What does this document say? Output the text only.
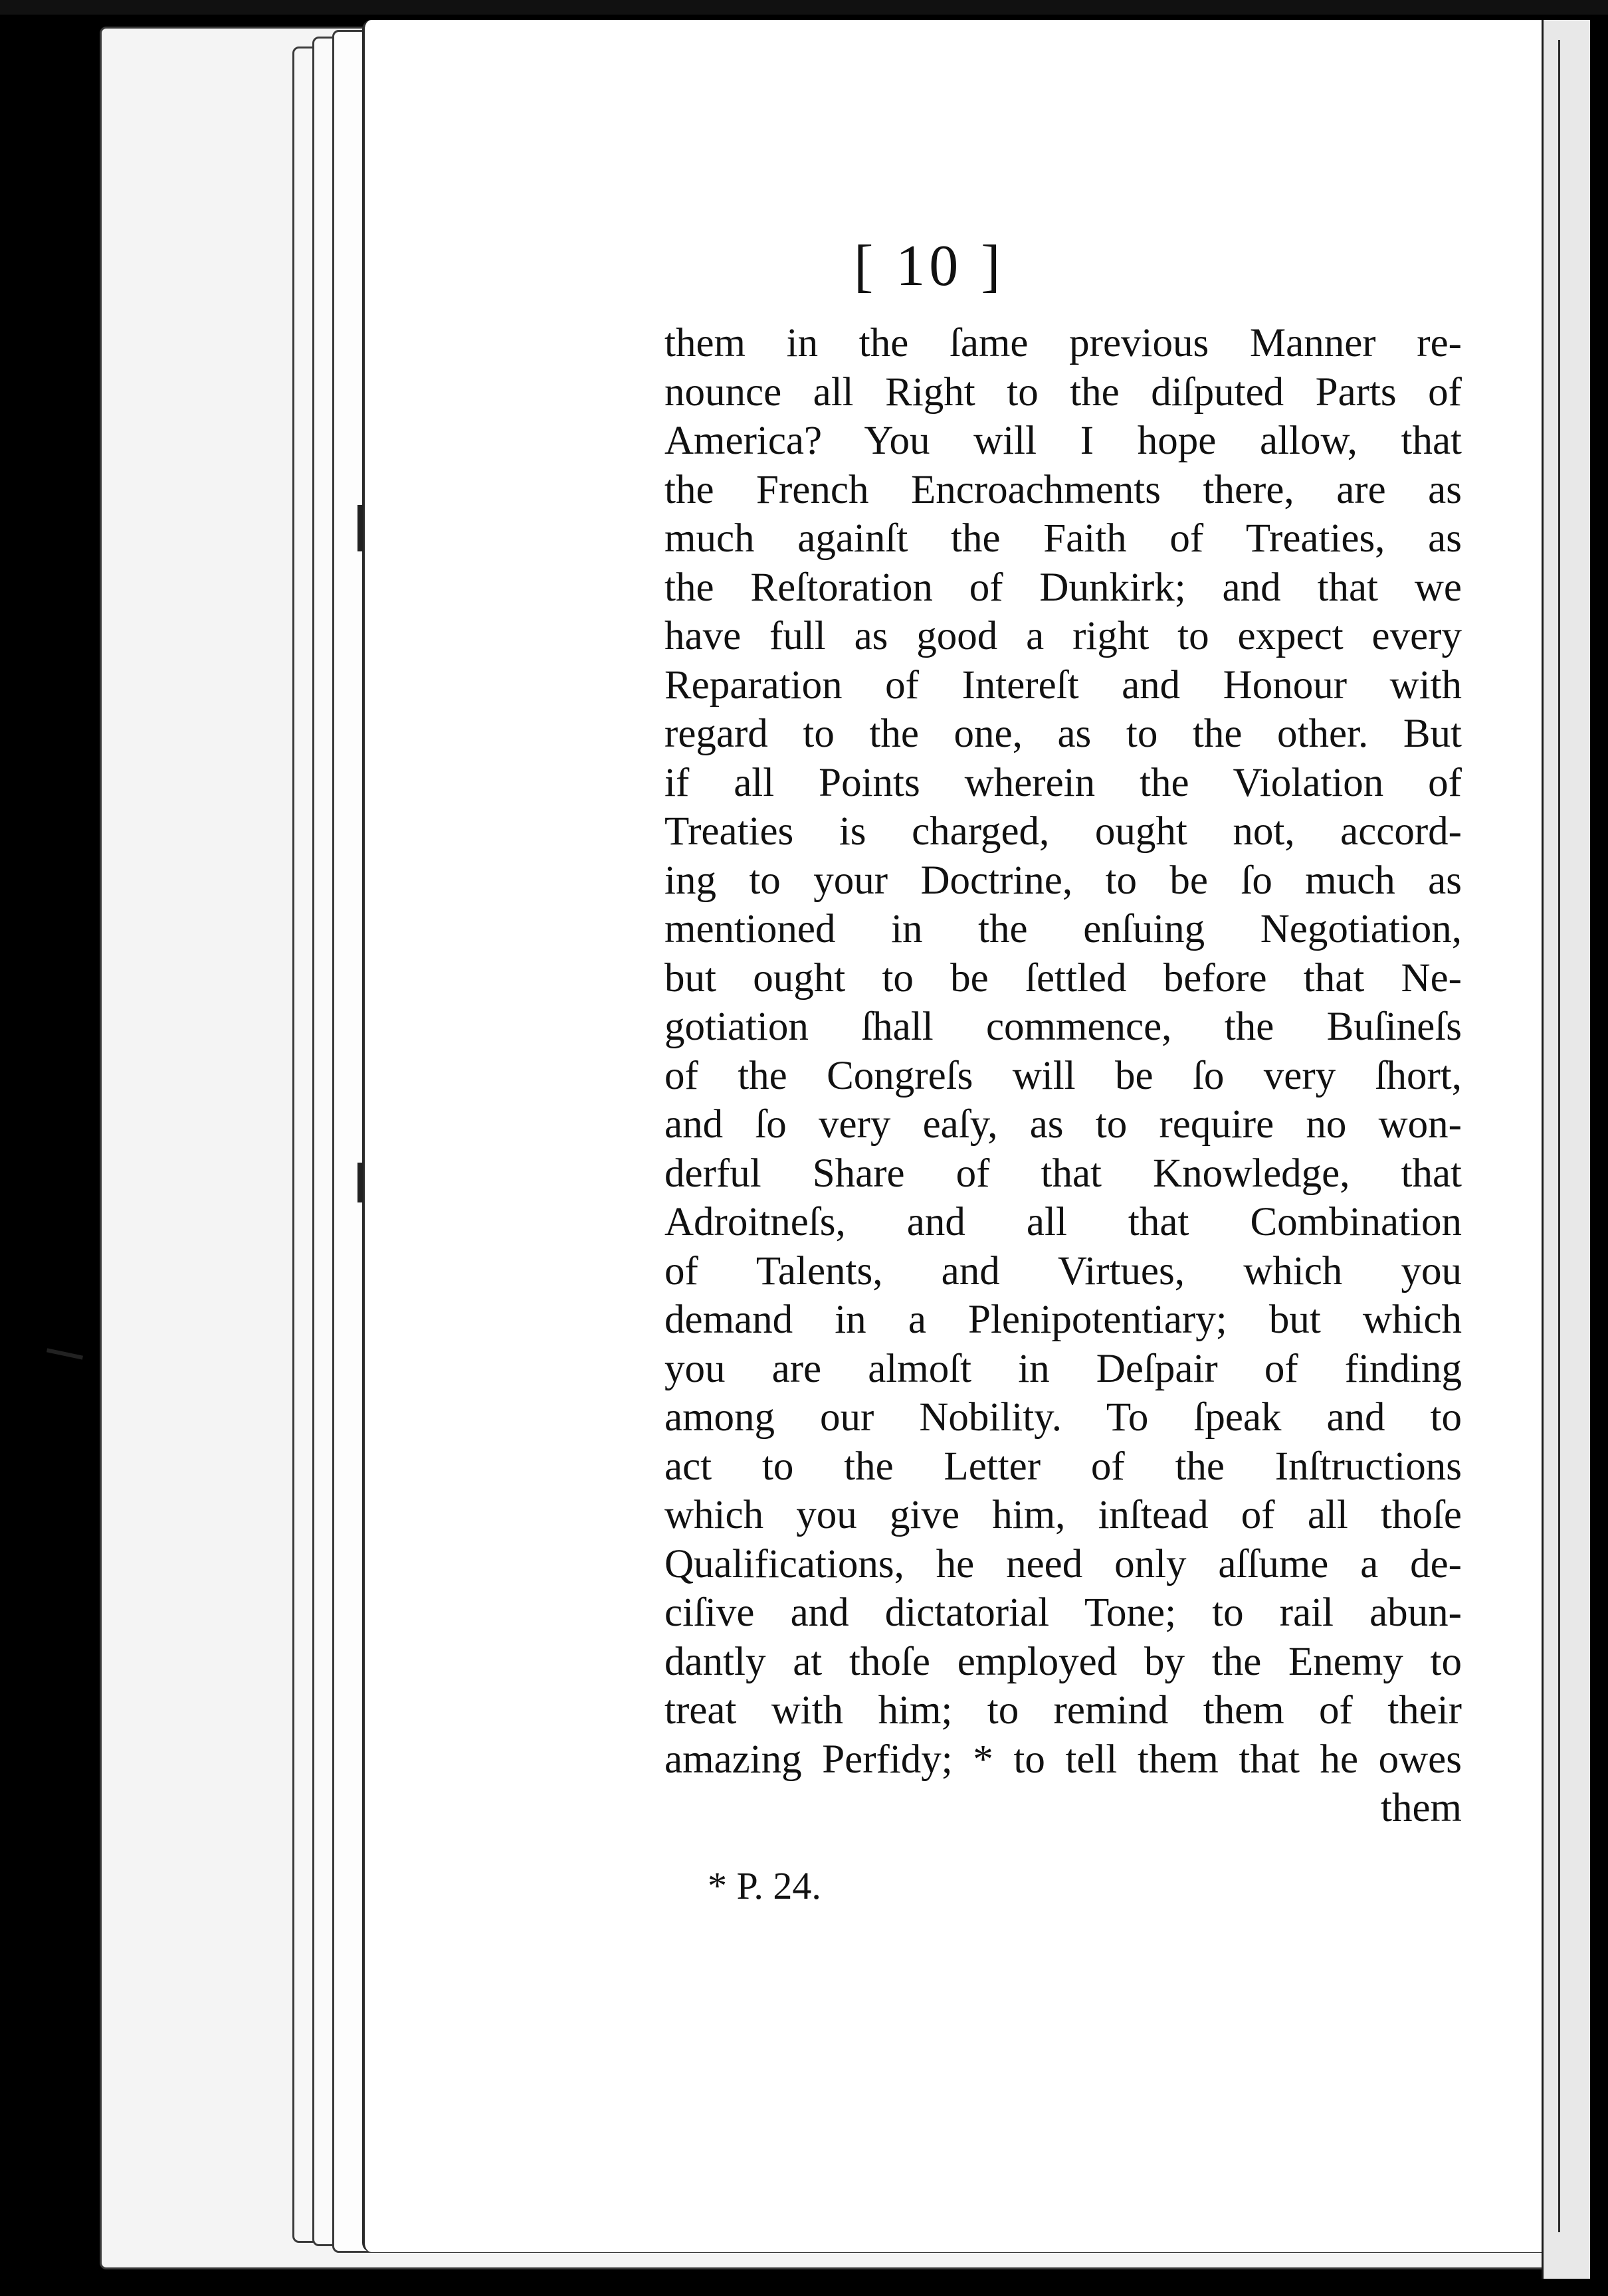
[ 10 ]
them in the ſame previous Manner re-
nounce all Right to the diſputed Parts of
America? You will I hope allow, that
the French Encroachments there, are as
much againſt the Faith of Treaties, as
the Reſtoration of Dunkirk; and that we
have full as good a right to expect every
Reparation of Intereſt and Honour with
regard to the one, as to the other. But
if all Points wherein the Violation of
Treaties is charged, ought not, accord-
ing to your Doctrine, to be ſo much as
mentioned in the enſuing Negotiation,
but ought to be ſettled before that Ne-
gotiation ſhall commence, the Buſineſs
of the Congreſs will be ſo very ſhort,
and ſo very eaſy, as to require no won-
derful Share of that Knowledge, that
Adroitneſs, and all that Combination
of Talents, and Virtues, which you
demand in a Plenipotentiary; but which
you are almoſt in Deſpair of finding
among our Nobility. To ſpeak and to
act to the Letter of the Inſtructions
which you give him, inſtead of all thoſe
Qualifications, he need only aſſume a de-
ciſive and dictatorial Tone; to rail abun-
dantly at thoſe employed by the Enemy to
treat with him; to remind them of their
amazing Perfidy; * to tell them that he owes
them
* P. 24.
